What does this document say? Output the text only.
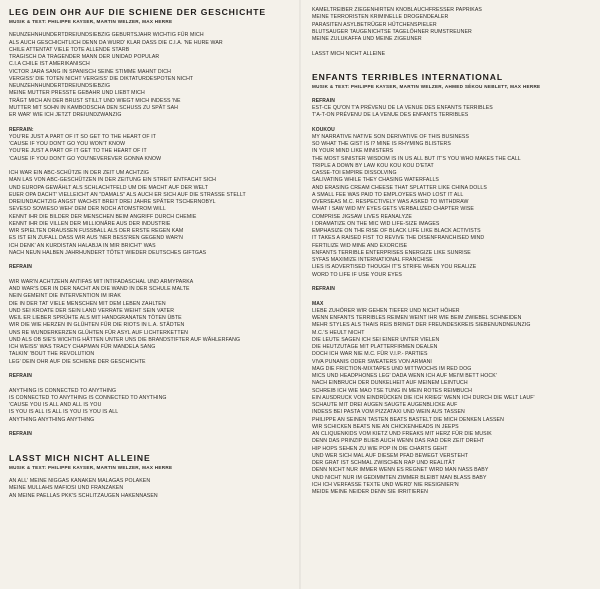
LEG DEIN OHR AUF DIE SCHIENE DER GESCHICHTE
MUSIK & TEXT: PHILIPPE KAYSER, MARTIN WELZER, MAX HERRE
NEUNZEHNHUNDERTDREIUNDSIEBZIG GEBURTSJAHR WICHTIG FÜR MICH
ALS AUCH GESCHICHTLICH DENN DA WURD' KLAR DASS DIE C.I.A. 'NE HURE WAR
CHILE ATTENTAT VIELE TOTE ALLENDE STARB
TRAGISCH DA TRAGENDER MANN DER UNIDAD POPULAR
C.I.A CHILE IST AMERIKANISCH
VICTOR JARA SANG IN SPANISCH SEINE STIMME MAHNT DICH
VERGISS' DIE TOTEN NICHT VERGISS' DIE DIKTATURDESPOTEN NICHT
NEUNZEHNHUNDERTDREIUNDSIEBZIG
MEINE MUTTER PRESSTE GEBAHR UND LIEBT MICH
TRÄGT MICH AN DER BRUST STILLT UND WIEGT MICH INDESS 'NE
MUTTER MIT SOHN IN KAMBODSCHA DEN SCHUSS ZU SPÄT SAH
ER WAR' WIE ICH JETZT DREIUNDZWANZIG
REFRAIN:
YOU'RE JUST A PART OF IT SO GET TO THE HEART OF IT
'CAUSE IF YOU DON'T GO YOU WON'T KNOW
YOU'RE JUST A PART OF IT GET TO THE HEART OF IT
'CAUSE IF YOU DON'T GO YOU'NEVEREVER GONNA KNOW
ICH WAR EIN ABC-SCHÜTZE IN DER ZEIT UM ACHTZIG
MAN LAS VON ABC-GESCHÜTZEN IN DER ZEITUNG EIN STREIT ENTFACHT SICH
UND EUROPA GEWÄHLT ALS SCHLACHTFELD UM DIE MACHT AUF DER WELT
EUER OPA DACHT' VIELLEICHT AN "DAMALS" ALS AUCH ER SICH AUF DIE STRASSE STELLT
DREIUNDACHTZIG ANGST WACHST BREIT DREI JAHRE SPÄTER TSCHERNOBYL
SEVESO SOWIESO WEH' DEM DER NOCH ATOMSTROM WILL
KENNT IHR DIE BILDER DER MENSCHEN BEIM ANGRIFF DURCH CHEMIE
KENNT IHR DIE VILLEN DER MILLIONÄRE AUS DER INDUSTRIE
WIR SPIELTEN DRAUSSEN FUSSBALL ALS DER ERSTE REGEN KAM
ES IST EIN ZUFALL DASS WIR AUS 'NER BESS'REN GEGEND WAR'N
ICH DENK' AN KURDISTAN HALABJA IN MIR BRICHT' WAS
NACH NEUN HALBEN JAHRHUNDERT TÖTET WIEDER DEUTSCHES GIFTGAS
REFRAIN
WIR WAR'N ACHTZEHN ANTIFAS MIT INTIFADASCHAL UND ARMYPARKA
AND WAR'S DER IN DER NACHT AN DIE WAND IN DER SCHULE MALTE
NEIN GEMEINT DIE INTERVENTION IM IRAK
DIE IN DER TAT VIELE MENSCHEN MIT DEM LEBEN ZAHLTEN
UND SEI KROATE DER SEIN LAND VERRATE WEIHT SEIN VATER
WEIL ER LIEBER SPRÜHTE ALS MIT HANDGRANATEN TÖTEN ÜBTE
WIR DIE WIE HERZEN IN GLÜHTEN FÜR DIE RIOTS IN L.A. STÄDTEN
UNS RE WUNDERKERZEN GLÜHTEN FÜR ASYL AUF LICHTERKETTEN
UND ALS OB SIE'S WICHTIG HÄTTEN UNTER UNS DIE BRANDSTIFTER AUF WÄHLERFANG
ICH WEISS' WAS TRACY CHAPMAN FÜR MANDELA SANG
TALKIN' 'BOUT THE REVOLUTION
LEG' DEIN OHR AUF DIE SCHIENE DER GESCHICHTE
REFRAIN
ANYTHING IS CONNECTED TO ANYTHING
IS CONNECTED TO ANYTHING IS CONNECTED TO ANYTHING
'CAUSE YOU IS ALL AND ALL IS YOU
IS YOU IS ALL IS ALL IS YOU IS YOU IS ALL
ANYTHING ANYTHING ANYTHING
REFRAIN
LASST MICH NICHT ALLEINE
MUSIK & TEXT: PHILIPPE KAYSER, MARTIN WELZER, MAX HERRE
AN ALL' MEINE NIGGAS KANAKEN MALAGAS POLAKEN
MEINE MULLAHS MAFIOSI UND FRANZAKEN
AN MEINE PAELLAS PKK'S SCHLITZAUGEN HAKENNASEN
KAMELTREIBER ZIEGENHIRTEN KNOBLAUCHFRESSER PAPRIKAS
MEINE TERRORISTEN KRIMINELLE DROGENDEALER
PARASITEN ASYLBETRÜGER HÜTCHENSPIELER
BLUTSAUGER TAUGENICHTSE TAGELÖHNER RUMSTREUNER
MEINE ZULUKAFFA UND MEINE ZIGEUNER
LASST MICH NICHT ALLEINE
ENFANTS TERRIBLES INTERNATIONAL
MUSIK & TEXT: PHILIPPE KAYSER, MARTIN WELZER, AHMED SÉKOU NEBLETT, MAX HERRE
REFRAIN
EST-CE QU'ON T'A PRÉVENU DE LA VENUE DES ENFANTS TERRIBLES
T'A-T-ON PRÉVENU DE LA VENUE DES ENFANTS TERRIBLES
KOUKOU
MY NARRATIVE NATIVE SON DERIVATIVE OF THIS BUSINESS
SO WHAT THE GIST IS I? MINE IS RHYMING BLISTERS
IN YOUR MIND LIKE MINISTERS
THE MOST SINISTER WISDOM IS IN US ALL BUT IT'S YOU WHO MAKES THE CALL
TRIPLE A DOWN BY LAW KOU KOU KOU D'ETAT
CASSE-TOI EMPIRE DISSOLVING
SALIVATING WHILE THEY CHASING WATERFALLS
AND ERASING CREAM CHEESE THAT SPLATTER LIKE CHINA DOLLS
A SMALL FEE WAS PAID TO EMPLOYEES WHO LOST IT ALL
OVERSEAS M.C. RESPECTIVELY WAS ASKED TO WITHDRAW
WHAT I SAW WID MY EYES GETS VERBALIZED CHAPTER WISE
COMPRISE JIGSAW LIVES REANALYZE
I DRAMATIZE ON THE MIC WID LIFE-SIZE IMAGES
EMPHASIZE ON THE RISE OF BLACK LIFE LIKE BLACK ACTIVISTS
IT TAKES A RAISED FIST TO REVIVE THE DISENFRANCHISED MIND
FERTILIZE WID MINE AND EXORCISE
ENFANTS TERRIBLE ENTERPRISES ENERGIZE LIKE SUNRISE
SYFAS MAXIMIZE INTERNATIONAL FRANCHISE
LIES IS ADVERTISED THOUGH IT'S STRIFE WHEN YOU REALIZE
WORD TO LIFE IF USE YOUR EYES
REFRAIN
MAX
LIEBE ZUHÖRER WIR GEHEN TIEFER UND NICHT HÖHER
WENN ENFANTS TERRIBLES REIMEN WEINT IHR WIE BEIM ZWIEBEL SCHNEIDEN
MEHR STYLES ALS THAIS REIS BRINGT DER FREUNDESKREIS SIEBENUNDNEUNZIG
M.C.'S HEULT NICHT
DIE LEUTE SAGEN ICH SEI EINER UNTER VIELEN
DIE HEUTZUTAGE MIT PLATTERFIRMEN DEALEN
DOCH ICH WAR NIE M.C. FÜR V.I.P.- PARTIES
VIVA PUNANIS ODER SWEATERS VON ARMANI
MAG DIE FRICTION-MIXTAPES UND MITTWOCHS IM RED DOG
MICS UND HEADPHONES LEG' DADA WENN ICH AUF MEI'M BETT HOCK'
NACH EINBRUCH DER DUNKELHEIT AUF MEINEM LEINTUCH
SCHREIB ICH WIE MAO TSE TUNG IN MEIN ROTES REIMBUCH
EIN AUSDRUCK VON EINDRÜCKEN DIE ICH KRIEG' WENN ICH DURCH DIE WELT LAUF'
SCHAUTE MIT DREI AUGEN SAUGTE AUGENBLICKE AUF
INDESS BEI PASTA VOM PIZZATAXI UND WEIN AUS TASSEN
PHILIPPE AN SEINEN TASTEN BEATS BASTELT DIE MICH DENKEN LASSEN
WIR SCHICKEN BEATS NIE AN CHICKENHEADS IN JEEPS
AN CLIQUENKIDS VOM KIETZ UND FREAKS MIT HERZ FÜR DIE MUSIK
DENN DAS PRINZIP BLIEB AUCH WENN DAS RAD DER ZEIT DREHT
HIP HOPS SEHEN ZU WIE POP IN DIE CHARTS GEHT
UND WER SICH MAL AUF DIESEM PFAD BEWEGT VERSTEHT
DER GRAT IST SCHMAL ZWISCHEN RAP UND REALITÄT
DENN NICHT NUR IMMER WENN ES REGNET WIRD MAN NASS BABY
UND NICHT NUR IM GEDIMMTEN ZIMMER BLEIBT MAN BLASS BABY
ICH ICH VERFASSE TEXTE UND WERD' NIE RESIGNIER'N
MEIDE MEINE NEIDER DENN SIE IRRITIEREN
